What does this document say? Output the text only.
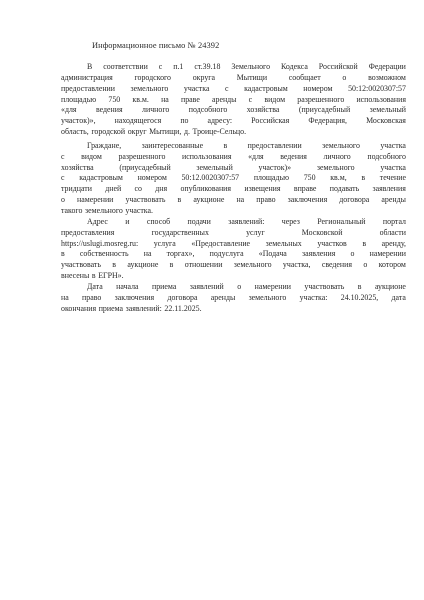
Информационное письмо № 24392
В соответствии с п.1 ст.39.18 Земельного Кодекса Российской Федерации
администрация	городского	округа	Мытищи	сообщает	о	возможном
предоставлении земельного участка с кадастровым номером 50:12:0020307:57
площадью 750 кв.м. на праве аренды с видом разрешенного использования
«для ведения личного подсобного хозяйства (приусадебный земельный
участок)», находящегося по адресу: Российская Федерация, Московская
область, городской округ Мытищи, д. Троице-Сельцо.
Граждане,	заинтересованные	в	предоставлении	земельного	участка
с видом разрешенного использования «для ведения личного подсобного
хозяйства	(приусадебный	земельный	участок)»	земельного	участка
с кадастровым номером 50:12.0020307:57 площадью 750 кв.м, в течение
тридцати дней со дня опубликования извещения вправе подавать заявления
о намерении участвовать в аукционе на право заключения договора аренды
такого земельного участка.
Адрес и способ подачи заявлений: через Региональный портал
предоставления	государственных	услуг	Московской	области
https://uslugi.mosreg.ru: услуга «Предоставление земельных участков в аренду,
в собственность на торгах», подуслуга «Подача заявления о намерении
участвовать в аукционе в отношении земельного участка, сведения о котором
внесены в ЕГРН».
Дата начала приема заявлений о намерении участвовать в аукционе
на право заключения договора аренды земельного участка: 24.10.2025, дата
окончания приема заявлений: 22.11.2025.
